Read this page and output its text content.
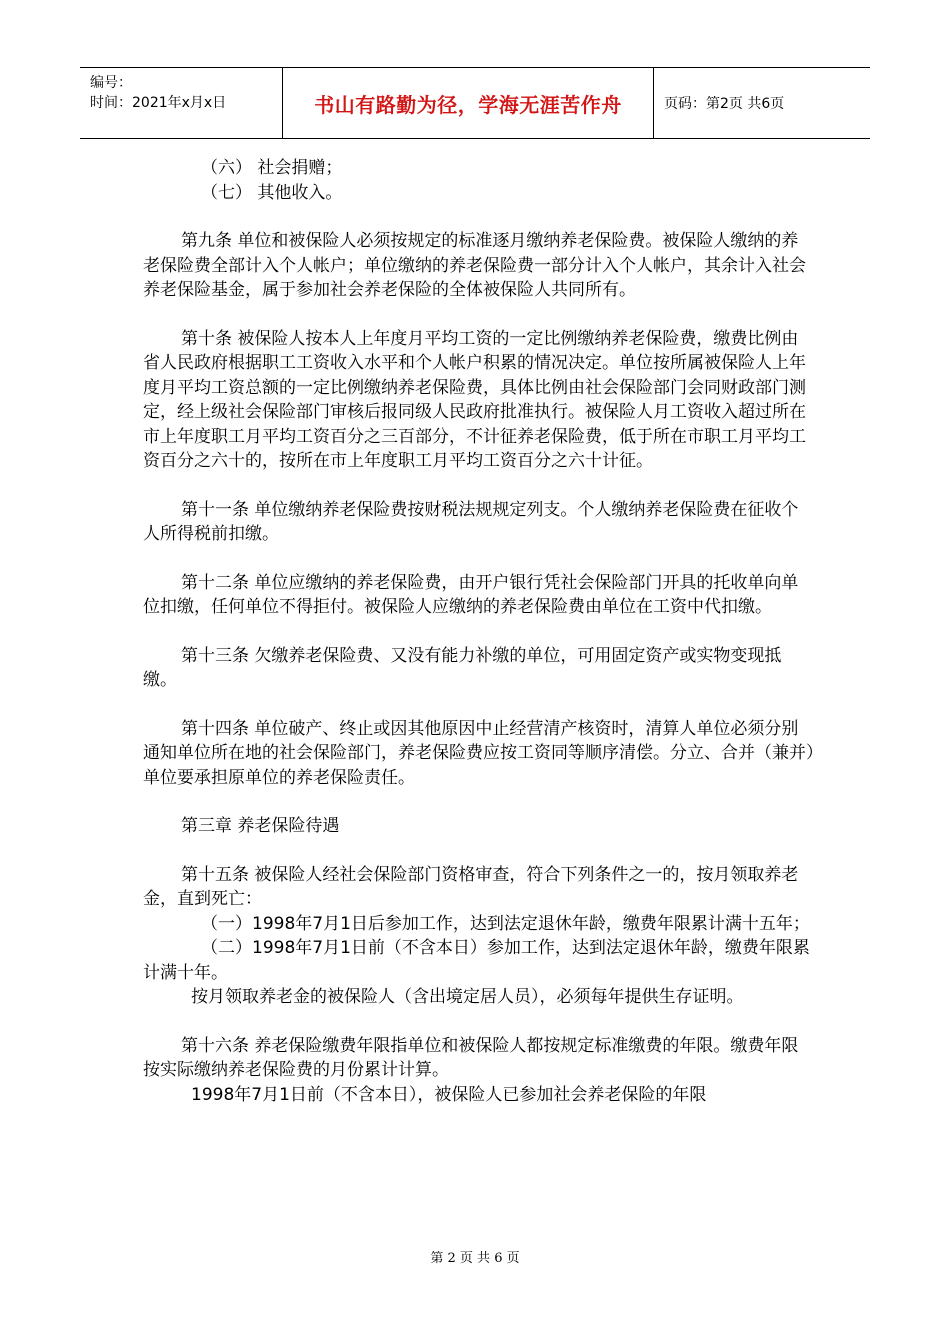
编号：
时间：2021年x月x日	书山有路勤为径，学海无涯苦作舟	页码：第2页 共6页

（六） 社会捐赠；

（七） 其他收入。

第九条 单位和被保险人必须按规定的标准逐月缴纳养老保险费。被保险人缴纳的养老保险费全部计入个人帐户；单位缴纳的养老保险费一部分计入个人帐户，其余计入社会养老保险基金，属于参加社会养老保险的全体被保险人共同所有。

第十条 被保险人按本人上年度月平均工资的一定比例缴纳养老保险费，缴费比例由省人民政府根据职工工资收入水平和个人帐户积累的情况决定。单位按所属被保险人上年度月平均工资总额的一定比例缴纳养老保险费，具体比例由社会保险部门会同财政部门测定，经上级社会保险部门审核后报同级人民政府批准执行。被保险人月工资收入超过所在市上年度职工月平均工资百分之三百部分，不计征养老保险费，低于所在市职工月平均工资百分之六十的，按所在市上年度职工月平均工资百分之六十计征。

第十一条 单位缴纳养老保险费按财税法规规定列支。个人缴纳养老保险费在征收个人所得税前扣缴。

第十二条 单位应缴纳的养老保险费，由开户银行凭社会保险部门开具的托收单向单位扣缴，任何单位不得拒付。被保险人应缴纳的养老保险费由单位在工资中代扣缴。

第十三条 欠缴养老保险费、又没有能力补缴的单位，可用固定资产或实物变现抵缴。

第十四条 单位破产、终止或因其他原因中止经营清产核资时，清算人单位必须分别通知单位所在地的社会保险部门，养老保险费应按工资同等顺序清偿。分立、合并（兼并）单位要承担原单位的养老保险责任。

第三章 养老保险待遇

第十五条 被保险人经社会保险部门资格审查，符合下列条件之一的，按月领取养老金，直到死亡：

（一）1998年7月1日后参加工作，达到法定退休年龄，缴费年限累计满十五年；

（二）1998年7月1日前（不含本日）参加工作，达到法定退休年龄，缴费年限累计满十年。

按月领取养老金的被保险人（含出境定居人员），必须每年提供生存证明。

第十六条 养老保险缴费年限指单位和被保险人都按规定标准缴费的年限。缴费年限按实际缴纳养老保险费的月份累计计算。

1998年7月1日前（不含本日），被保险人已参加社会养老保险的年限

第 2 页 共 6 页
